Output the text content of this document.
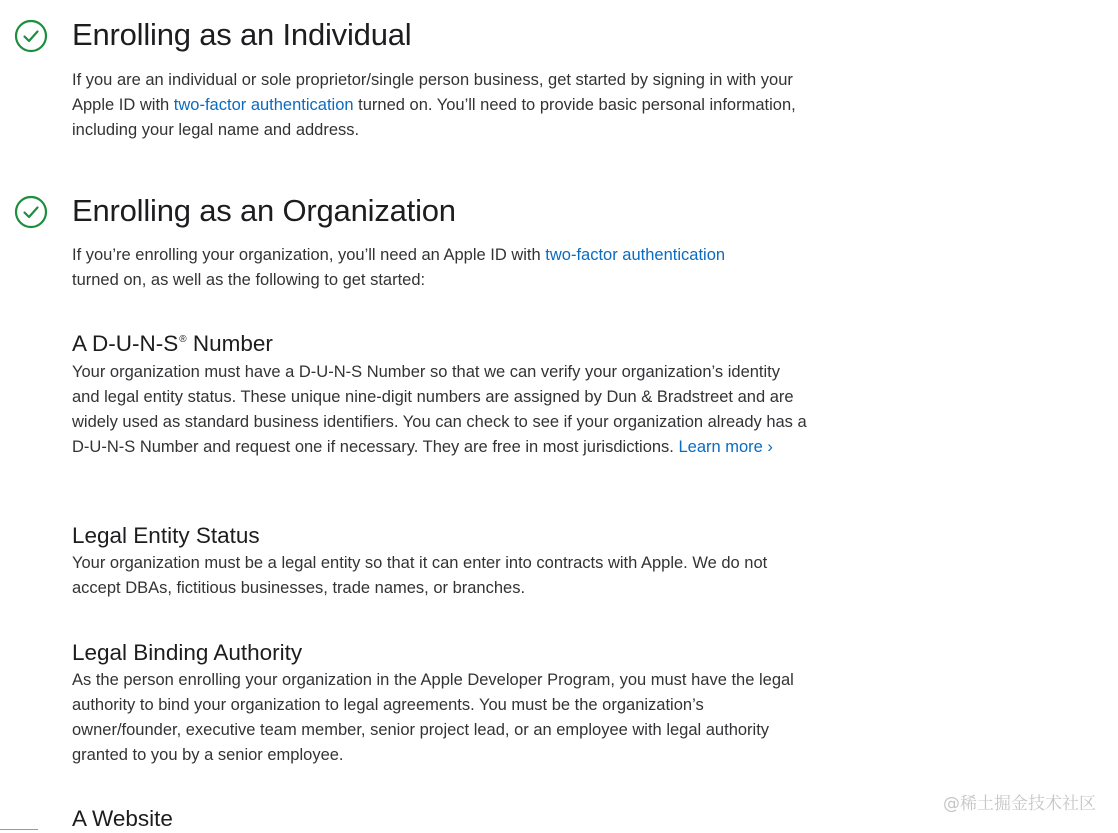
Enrolling as an Individual

If you are an individual or sole proprietor/single person business, get started by signing in with your Apple ID with two-factor authentication turned on. You’ll need to provide basic personal information, including your legal name and address.

Enrolling as an Organization

If you’re enrolling your organization, you’ll need an Apple ID with two-factor authentication turned on, as well as the following to get started:

A D-U-N-S® Number

Your organization must have a D-U-N-S Number so that we can verify your organization’s identity and legal entity status. These unique nine-digit numbers are assigned by Dun & Bradstreet and are widely used as standard business identifiers. You can check to see if your organization already has a D-U-N-S Number and request one if necessary. They are free in most jurisdictions. Learn more ›

Legal Entity Status

Your organization must be a legal entity so that it can enter into contracts with Apple. We do not accept DBAs, fictitious businesses, trade names, or branches.

Legal Binding Authority

As the person enrolling your organization in the Apple Developer Program, you must have the legal authority to bind your organization to legal agreements. You must be the organization’s owner/founder, executive team member, senior project lead, or an employee with legal authority granted to you by a senior employee.

A Website
@稀土掘金技术社区
